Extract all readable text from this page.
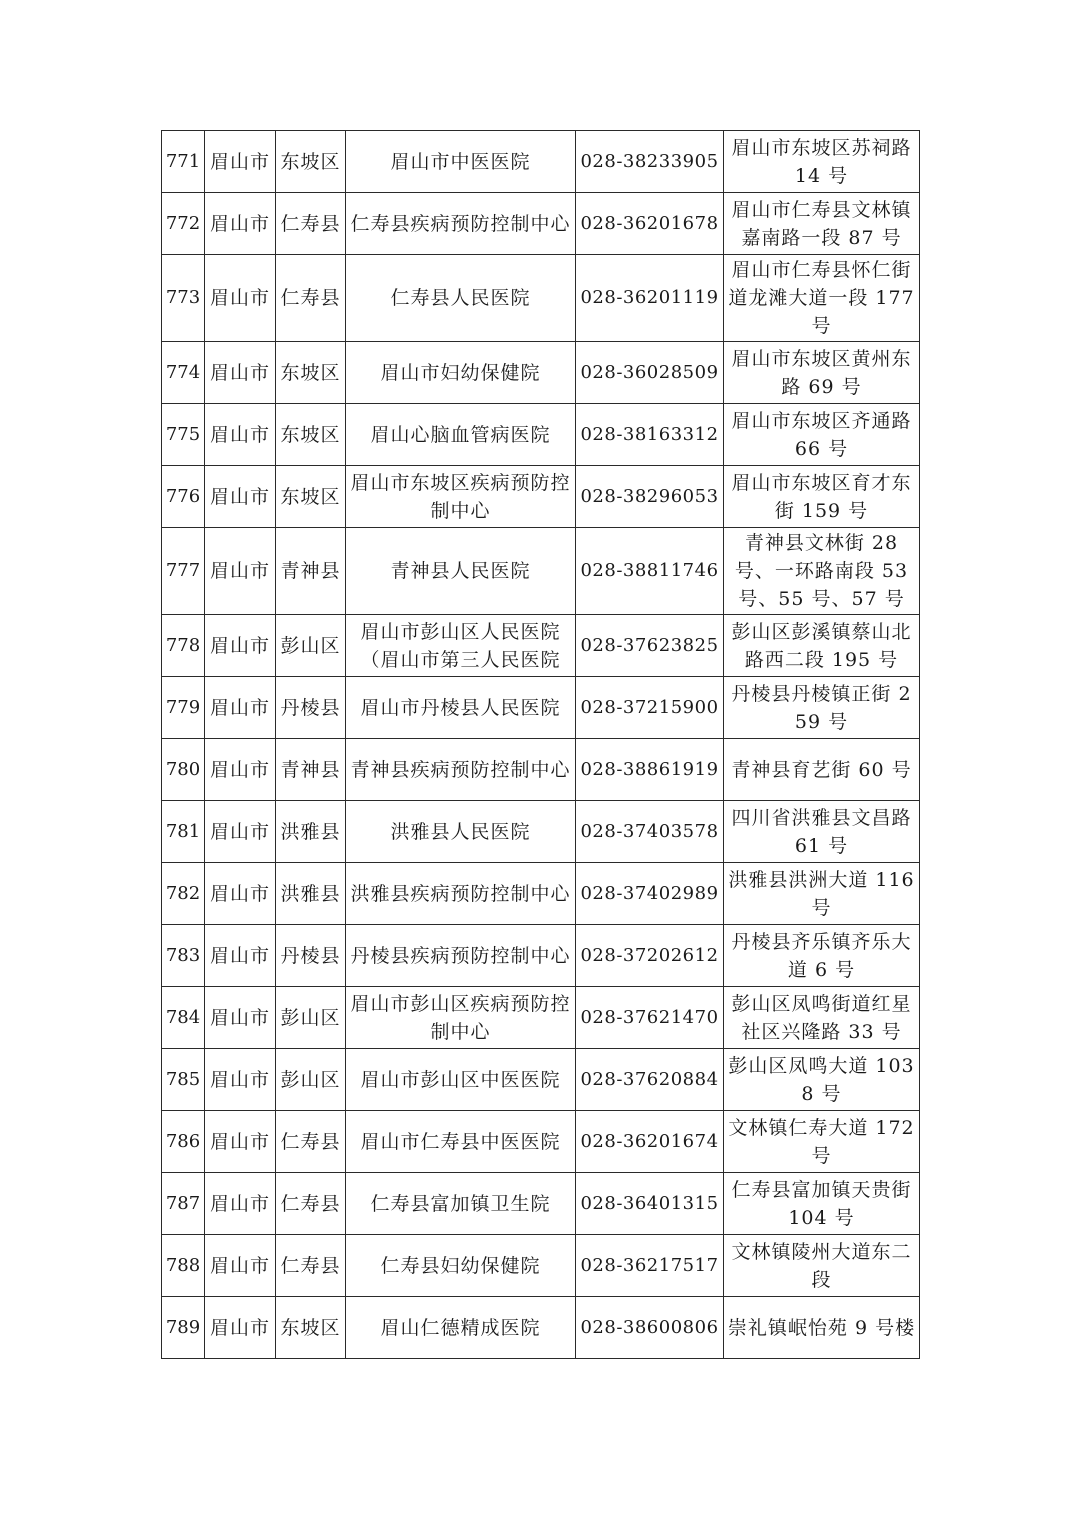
771	眉山市	东坡区	眉山市中医医院	028-38233905	眉山市东坡区苏祠路 14 号
772	眉山市	仁寿县	仁寿县疾病预防控制中心	028-36201678	眉山市仁寿县文林镇嘉南路一段 87 号
773	眉山市	仁寿县	仁寿县人民医院	028-36201119	眉山市仁寿县怀仁街道龙滩大道一段 177 号
774	眉山市	东坡区	眉山市妇幼保健院	028-36028509	眉山市东坡区黄州东路 69 号
775	眉山市	东坡区	眉山心脑血管病医院	028-38163312	眉山市东坡区齐通路 66 号
776	眉山市	东坡区	眉山市东坡区疾病预防控制中心	028-38296053	眉山市东坡区育才东街 159 号
777	眉山市	青神县	青神县人民医院	028-38811746	青神县文林街 28 号、一环路南段 53 号、55 号、57 号
778	眉山市	彭山区	眉山市彭山区人民医院（眉山市第三人民医院	028-37623825	彭山区彭溪镇蔡山北路西二段 195 号
779	眉山市	丹棱县	眉山市丹棱县人民医院	028-37215900	丹棱县丹棱镇正街 259 号
780	眉山市	青神县	青神县疾病预防控制中心	028-38861919	青神县育艺街 60 号
781	眉山市	洪雅县	洪雅县人民医院	028-37403578	四川省洪雅县文昌路 61 号
782	眉山市	洪雅县	洪雅县疾病预防控制中心	028-37402989	洪雅县洪洲大道 116 号
783	眉山市	丹棱县	丹棱县疾病预防控制中心	028-37202612	丹棱县齐乐镇齐乐大道 6 号
784	眉山市	彭山区	眉山市彭山区疾病预防控制中心	028-37621470	彭山区凤鸣街道红星社区兴隆路 33 号
785	眉山市	彭山区	眉山市彭山区中医医院	028-37620884	彭山区凤鸣大道 1038 号
786	眉山市	仁寿县	眉山市仁寿县中医医院	028-36201674	文林镇仁寿大道 172 号
787	眉山市	仁寿县	仁寿县富加镇卫生院	028-36401315	仁寿县富加镇天贵街 104 号
788	眉山市	仁寿县	仁寿县妇幼保健院	028-36217517	文林镇陵州大道东二段
789	眉山市	东坡区	眉山仁德精成医院	028-38600806	崇礼镇岷怡苑 9 号楼
